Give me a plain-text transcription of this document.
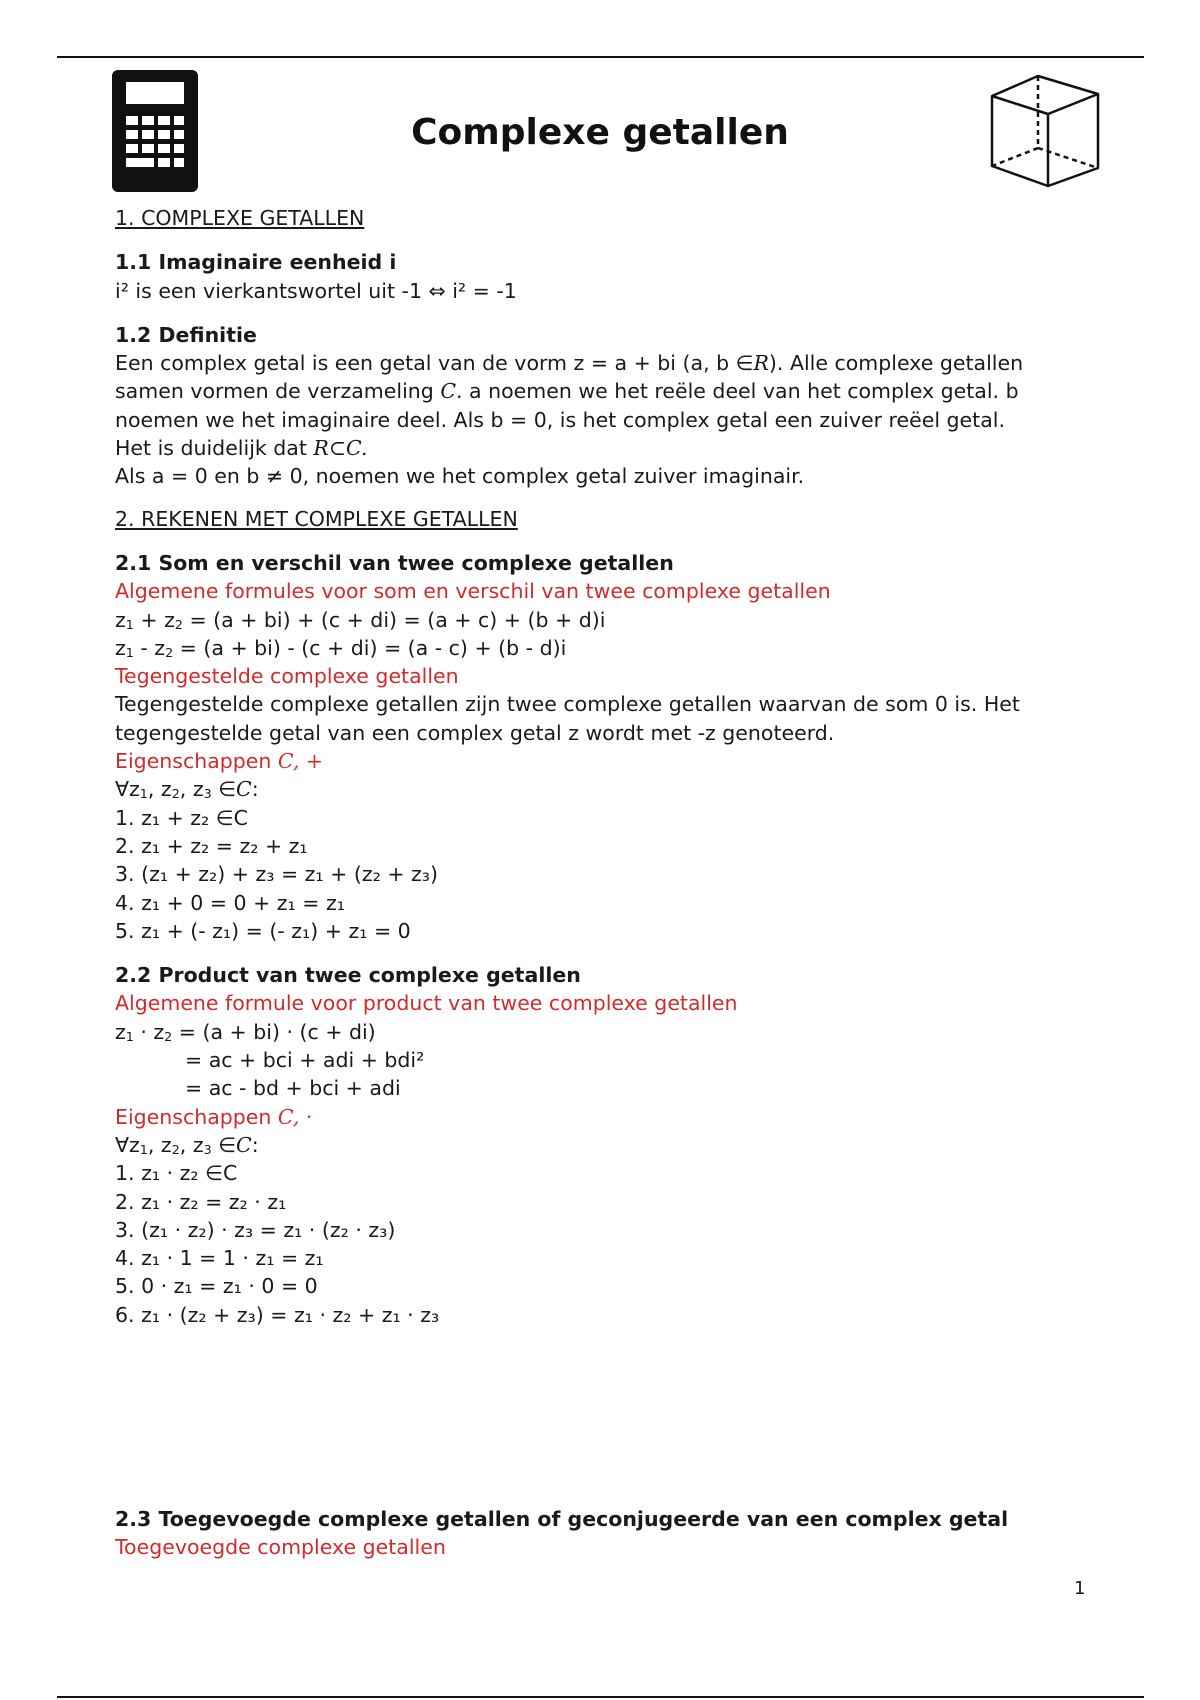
Complexe getallen
1. COMPLEXE GETALLEN
1.1 Imaginaire eenheid i
i² is een vierkantswortel uit -1 ⇔ i² = -1
1.2 Definitie
Een complex getal is een getal van de vorm z = a + bi (a, b ∈R). Alle complexe getallen
samen vormen de verzameling C. a noemen we het reële deel van het complex getal. b
noemen we het imaginaire deel. Als b = 0, is het complex getal een zuiver reëel getal.
Het is duidelijk dat R⊂C.
Als a = 0 en b ≠ 0, noemen we het complex getal zuiver imaginair.
2. REKENEN MET COMPLEXE GETALLEN
2.1 Som en verschil van twee complexe getallen
Algemene formules voor som en verschil van twee complexe getallen
$z_1 + z_2 = (a + bi) + (c + di) = (a + c) + (b + d)i$
$z_1 - z_2 = (a + bi) - (c + di) = (a - c) + (b - d)i$
Tegengestelde complexe getallen
Tegengestelde complexe getallen zijn twee complexe getallen waarvan de som 0 is. Het
tegengestelde getal van een complex getal z wordt met -z genoteerd.
Eigenschappen C, +
$\forall z_1$, $z_2$, $z_3$ ∈C:
1. z₁ + z₂ ∈C
2. z₁ + z₂ = z₂ + z₁
3. (z₁ + z₂) + z₃ = z₁ + (z₂ + z₃)
4. z₁ + 0 = 0 + z₁ = z₁
5. z₁ + (- z₁) = (- z₁) + z₁ = 0
2.2 Product van twee complexe getallen
Algemene formule voor product van twee complexe getallen
$z_1 \cdot z_2 = (a + bi) \cdot (c + di)$
= ac + bci + adi + bdi²
= ac - bd + bci + adi
Eigenschappen C, ·
$\forall z_1$, $z_2$, $z_3$ ∈C:
1. z₁ · z₂ ∈C
2. z₁ · z₂ = z₂ · z₁
3. (z₁ · z₂) · z₃ = z₁ · (z₂ · z₃)
4. z₁ · 1 = 1 · z₁ = z₁
5. 0 · z₁ = z₁ · 0 = 0
6. z₁ · (z₂ + z₃) = z₁ · z₂ + z₁ · z₃
2.3 Toegevoegde complexe getallen of geconjugeerde van een complex getal
Toegevoegde complexe getallen
1
